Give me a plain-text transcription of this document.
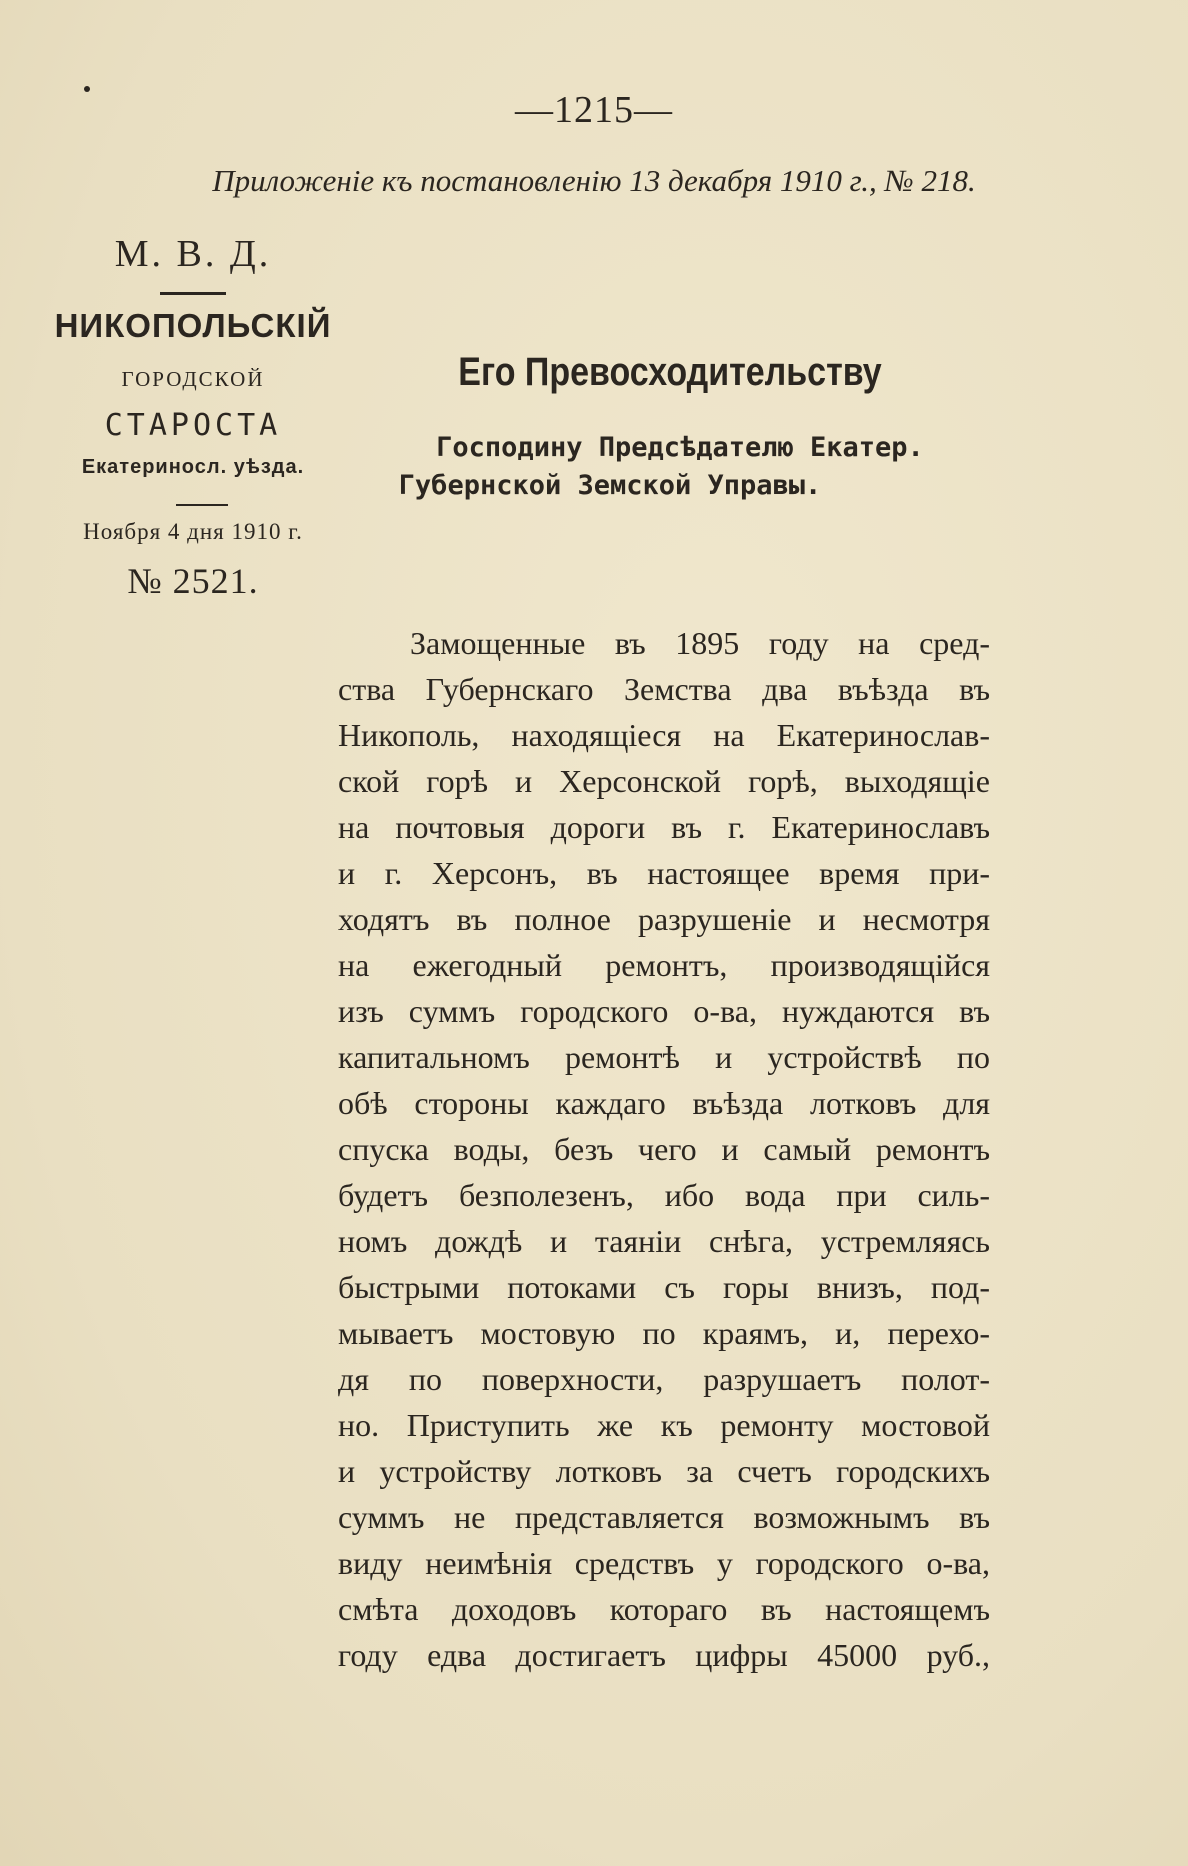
—1215—
Приложеніе къ постановленію 13 декабря 1910 г., № 218.
М. В. Д.
НИКОПОЛЬСКІЙ
ГОРОДСКОЙ
СТАРОСТА
Екатериносл. уѣзда.
Ноября 4 дня 1910 г.
№ 2521.
Его Превосходительству
Господину Предсѣдателю Екатер.
Губернской Земской Управы.
Замощенные въ 1895 году на сред-
ства Губернскаго Земства два въѣзда въ
Никополь, находящіеся на Екатеринослав-
ской горѣ и Херсонской горѣ, выходящіе
на почтовыя дороги въ г. Екатеринославъ
и г. Херсонъ, въ настоящее время при-
ходятъ въ полное разрушеніе и несмотря
на ежегодный ремонтъ, производящійся
изъ суммъ городского о-ва, нуждаются въ
капитальномъ ремонтѣ и устройствѣ по
обѣ стороны каждаго въѣзда лотковъ для
спуска воды, безъ чего и самый ремонтъ
будетъ безполезенъ, ибо вода при силь-
номъ дождѣ и таяніи снѣга, устремляясь
быстрыми потоками съ горы внизъ, под-
мываетъ мостовую по краямъ, и, перехо-
дя по поверхности, разрушаетъ полот-
но. Приступить же къ ремонту мостовой
и устройству лотковъ за счетъ городскихъ
суммъ не представляется возможнымъ въ
виду неимѣнія средствъ у городского о-ва,
смѣта доходовъ котораго въ настоящемъ
году едва достигаетъ цифры 45000 руб.,
